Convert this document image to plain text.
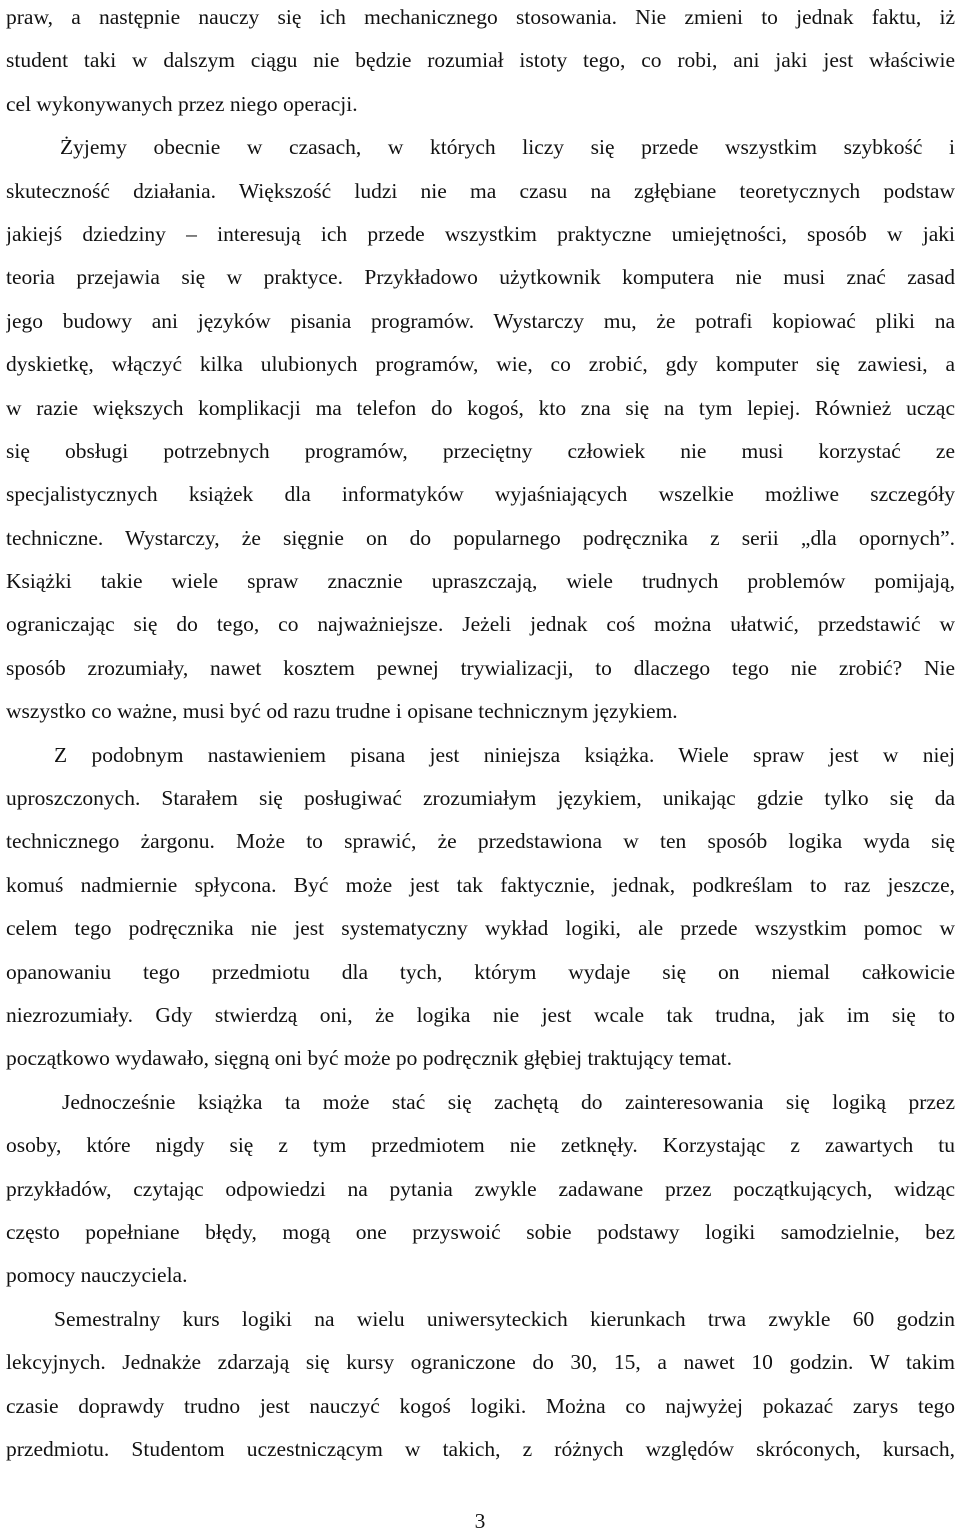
praw, a następnie nauczy się ich mechanicznego stosowania. Nie zmieni to jednak faktu, iż
student taki w dalszym ciągu nie będzie rozumiał istoty tego, co robi, ani jaki jest właściwie
cel wykonywanych przez niego operacji.
Żyjemy obecnie w czasach, w których liczy się przede wszystkim szybkość i
skuteczność działania. Większość ludzi nie ma czasu na zgłębiane teoretycznych podstaw
jakiejś dziedziny – interesują ich przede wszystkim praktyczne umiejętności, sposób w jaki
teoria przejawia się w praktyce. Przykładowo użytkownik komputera nie musi znać zasad
jego budowy ani języków pisania programów. Wystarczy mu, że potrafi kopiować pliki na
dyskietkę, włączyć kilka ulubionych programów, wie, co zrobić, gdy komputer się zawiesi, a
w razie większych komplikacji ma telefon do kogoś, kto zna się na tym lepiej. Również ucząc
się obsługi potrzebnych programów, przeciętny człowiek nie musi korzystać ze
specjalistycznych książek dla informatyków wyjaśniających wszelkie możliwe szczegóły
techniczne. Wystarczy, że sięgnie on do popularnego podręcznika z serii „dla opornych”.
Książki takie wiele spraw znacznie upraszczają, wiele trudnych problemów pomijają,
ograniczając się do tego, co najważniejsze. Jeżeli jednak coś można ułatwić, przedstawić w
sposób zrozumiały, nawet kosztem pewnej trywializacji, to dlaczego tego nie zrobić? Nie
wszystko co ważne, musi być od razu trudne i opisane technicznym językiem.
Z podobnym nastawieniem pisana jest niniejsza książka. Wiele spraw jest w niej
uproszczonych. Starałem się posługiwać zrozumiałym językiem, unikając gdzie tylko się da
technicznego żargonu. Może to sprawić, że przedstawiona w ten sposób logika wyda się
komuś nadmiernie spłycona. Być może jest tak faktycznie, jednak, podkreślam to raz jeszcze,
celem tego podręcznika nie jest systematyczny wykład logiki, ale przede wszystkim pomoc w
opanowaniu tego przedmiotu dla tych, którym wydaje się on niemal całkowicie
niezrozumiały. Gdy stwierdzą oni, że logika nie jest wcale tak trudna, jak im się to
początkowo wydawało, sięgną oni być może po podręcznik głębiej traktujący temat.
Jednocześnie książka ta może stać się zachętą do zainteresowania się logiką przez
osoby, które nigdy się z tym przedmiotem nie zetknęły. Korzystając z zawartych tu
przykładów, czytając odpowiedzi na pytania zwykle zadawane przez początkujących, widząc
często popełniane błędy, mogą one przyswoić sobie podstawy logiki samodzielnie, bez
pomocy nauczyciela.
Semestralny kurs logiki na wielu uniwersyteckich kierunkach trwa zwykle 60 godzin
lekcyjnych. Jednakże zdarzają się kursy ograniczone do 30, 15, a nawet 10 godzin. W takim
czasie doprawdy trudno jest nauczyć kogoś logiki. Można co najwyżej pokazać zarys tego
przedmiotu. Studentom uczestniczącym w takich, z różnych względów skróconych, kursach,
3
